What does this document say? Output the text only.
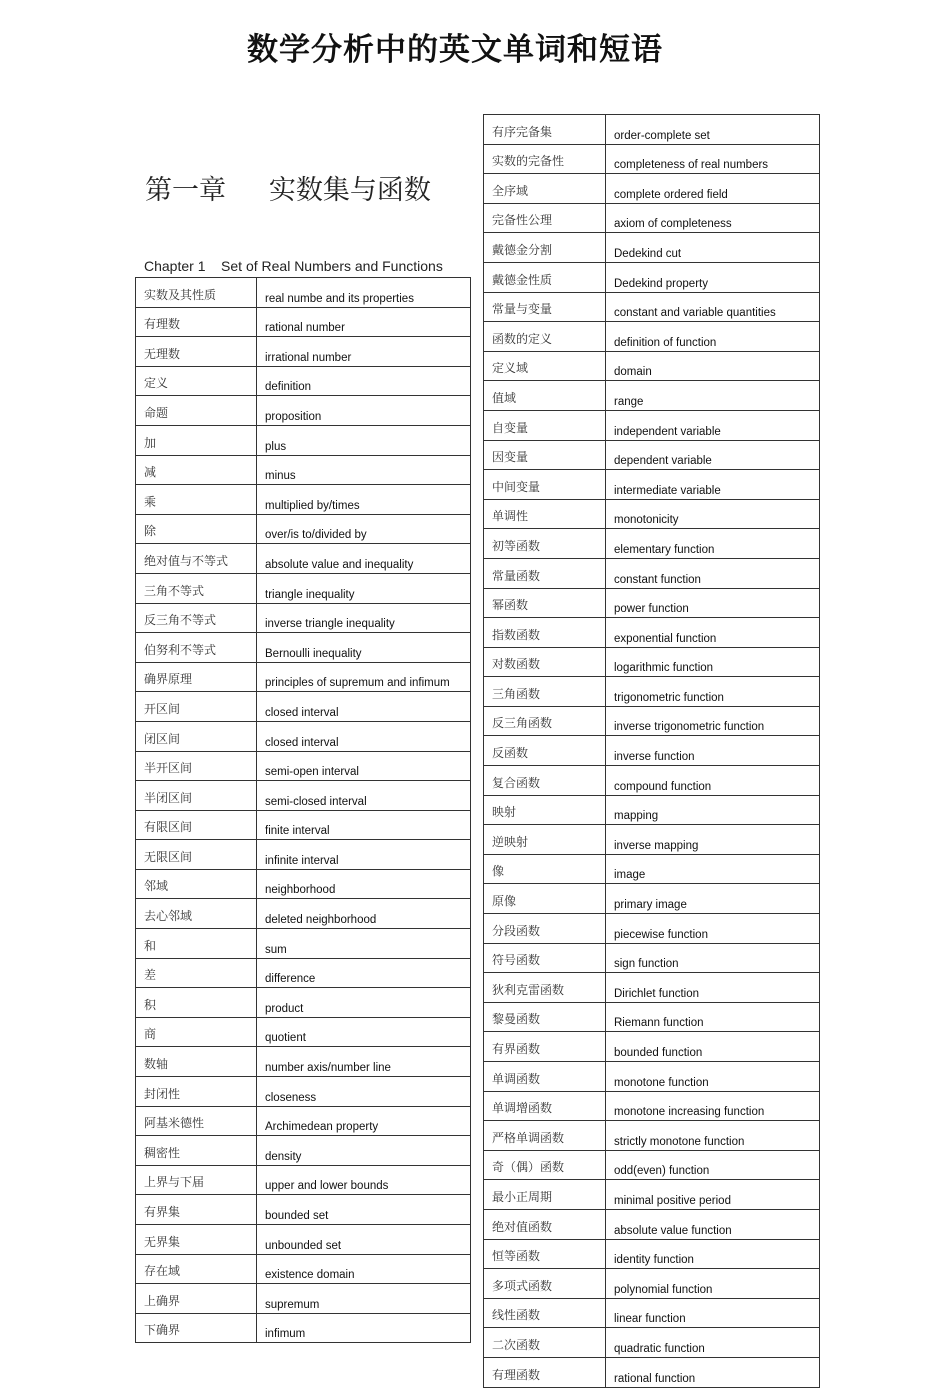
数学分析中的英文单词和短语
第一章     实数集与函数
Chapter 1    Set of Real Numbers and Functions
实数及其性质	real numbe and its properties
有理数	rational number
无理数	irrational number
定义	definition
命题	proposition
加	plus
减	minus
乘	multiplied by/times
除	over/is to/divided by
绝对值与不等式	absolute value and inequality
三角不等式	triangle inequality
反三角不等式	inverse triangle inequality
伯努利不等式	Bernoulli inequality
确界原理	principles of supremum and infimum
开区间	closed interval
闭区间	closed interval
半开区间	semi-open interval
半闭区间	semi-closed interval
有限区间	finite interval
无限区间	infinite interval
邻域	neighborhood
去心邻域	deleted neighborhood
和	sum
差	difference
积	product
商	quotient
数轴	number axis/number line
封闭性	closeness
阿基米德性	Archimedean property
稠密性	density
上界与下届	upper and lower bounds
有界集	bounded set
无界集	unbounded set
存在域	existence domain
上确界	supremum
下确界	infimum
有序完备集	order-complete set
实数的完备性	completeness of real numbers
全序域	complete ordered field
完备性公理	axiom of completeness
戴德金分割	Dedekind cut
戴德金性质	Dedekind property
常量与变量	constant and variable quantities
函数的定义	definition of function
定义域	domain
值域	range
自变量	independent variable
因变量	dependent variable
中间变量	intermediate variable
单调性	monotonicity
初等函数	elementary function
常量函数	constant function
幂函数	power function
指数函数	exponential function
对数函数	logarithmic function
三角函数	trigonometric function
反三角函数	inverse trigonometric function
反函数	inverse function
复合函数	compound function
映射	mapping
逆映射	inverse mapping
像	image
原像	primary image
分段函数	piecewise function
符号函数	sign function
狄利克雷函数	Dirichlet function
黎曼函数	Riemann function
有界函数	bounded function
单调函数	monotone function
单调增函数	monotone increasing function
严格单调函数	strictly monotone function
奇（偶）函数	odd(even) function
最小正周期	minimal positive period
绝对值函数	absolute value function
恒等函数	identity function
多项式函数	polynomial function
线性函数	linear function
二次函数	quadratic function
有理函数	rational function
